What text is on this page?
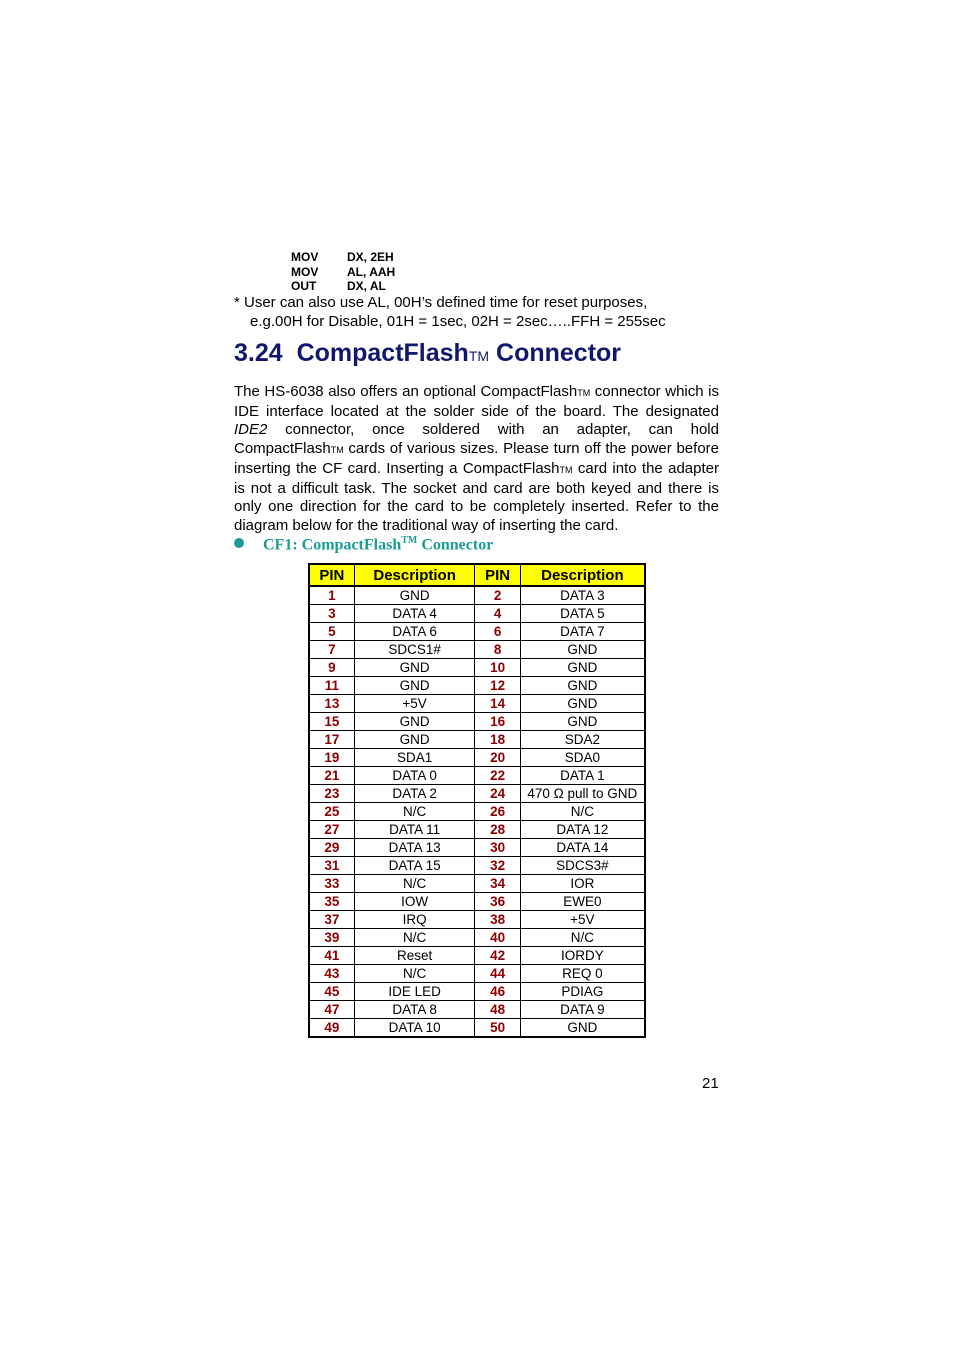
MOV	DX, 2EH
MOV	AL, AAH
OUT	DX, AL
* User can also use AL, 00H’s defined time for reset purposes,
e.g.00H for Disable, 01H = 1sec, 02H = 2sec…..FFH = 255sec
3.24 CompactFlashTM Connector

The HS-6038 also offers an optional CompactFlashTM connector which is IDE interface located at the solder side of the board. The designated IDE2 connector, once soldered with an adapter, can hold CompactFlashTM cards of various sizes. Please turn off the power before inserting the CF card. Inserting a CompactFlashTM card into the adapter is not a difficult task. The socket and card are both keyed and there is only one direction for the card to be completely inserted. Refer to the diagram below for the traditional way of inserting the card.

CF1: CompactFlash™ Connector
PIN	Description	PIN	Description
1	GND	2	DATA 3
3	DATA 4	4	DATA 5
5	DATA 6	6	DATA 7
7	SDCS1#	8	GND
9	GND	10	GND
11	GND	12	GND
13	+5V	14	GND
15	GND	16	GND
17	GND	18	SDA2
19	SDA1	20	SDA0
21	DATA 0	22	DATA 1
23	DATA 2	24	470 Ω pull to GND
25	N/C	26	N/C
27	DATA 11	28	DATA 12
29	DATA 13	30	DATA 14
31	DATA 15	32	SDCS3#
33	N/C	34	IOR
35	IOW	36	EWE0
37	IRQ	38	+5V
39	N/C	40	N/C
41	Reset	42	IORDY
43	N/C	44	REQ 0
45	IDE LED	46	PDIAG
47	DATA 8	48	DATA 9
49	DATA 10	50	GND
21
